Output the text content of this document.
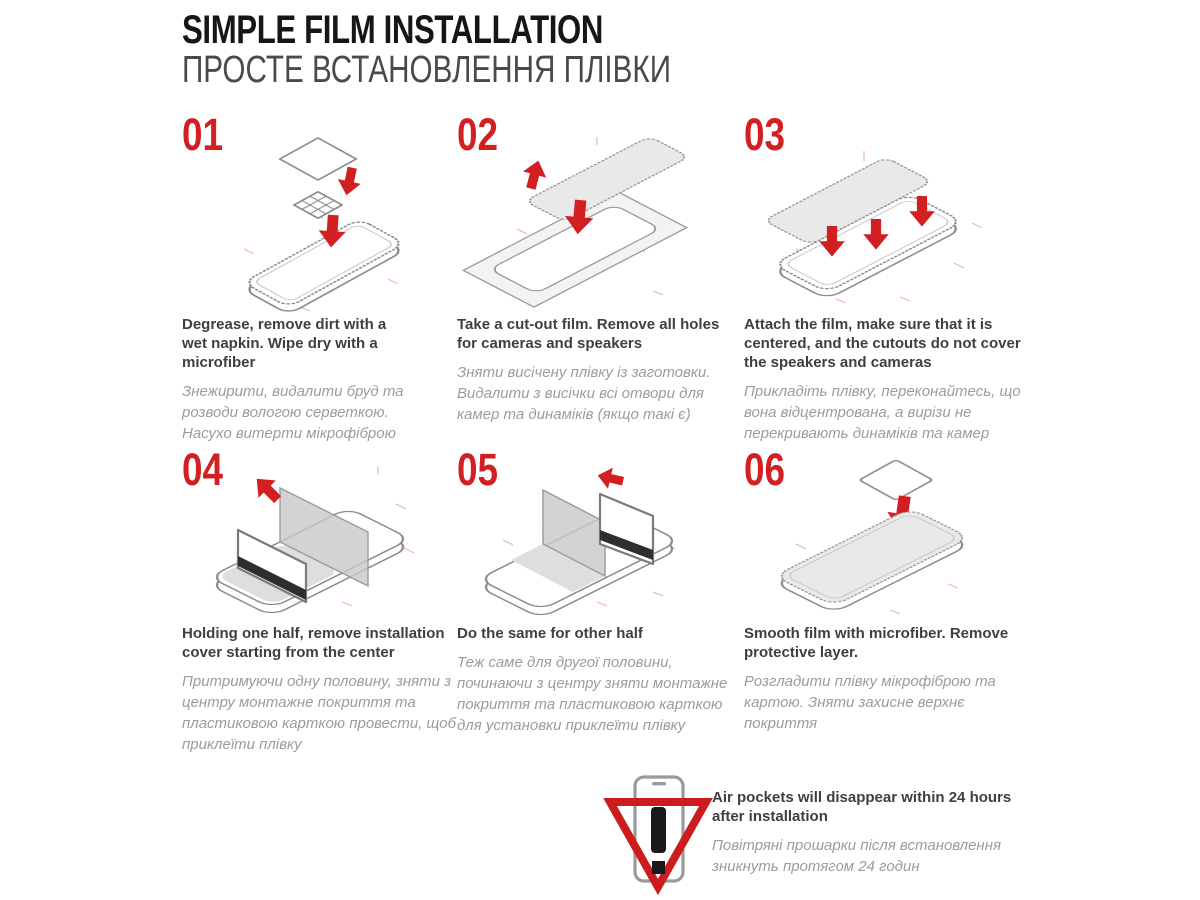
SIMPLE FILM INSTALLATION
ПРОСТЕ ВСТАНОВЛЕННЯ ПЛІВКИ
01
Degrease, remove dirt with a wet napkin. Wipe dry with a microfiber
Знежирити, видалити бруд та розводи вологою серветкою. Насухо витерти мікрофіброю
02
Take a cut-out film. Remove all holes for cameras and speakers
Зняти висічену плівку із заготовки. Видалити з висічки всі отвори для камер та динаміків (якщо такі є)
03
Attach the film, make sure that it is centered, and the cutouts do not cover the speakers and cameras
Прикладіть плівку, переконайтесь, що вона відцентрована, а вирізи не перекривають динаміків та камер
04
Holding one half, remove installation cover starting from the center
Притримуючи одну половину, зняти з центру монтажне покриття та пластиковою карткою провести, щоб приклеїти плівку
05
Do the same for other half
Теж саме для другої половини, починаючи з центру зняти монтажне покриття та пластиковою карткою для установки приклеїти плівку
06
Smooth film with microfiber. Remove protective layer.
Розгладити плівку мікрофіброю та картою. Зняти захисне верхнє покриття
Air pockets will disappear within 24 hours after installation
Повітряні прошарки після встановлення зникнуть протягом 24 годин
